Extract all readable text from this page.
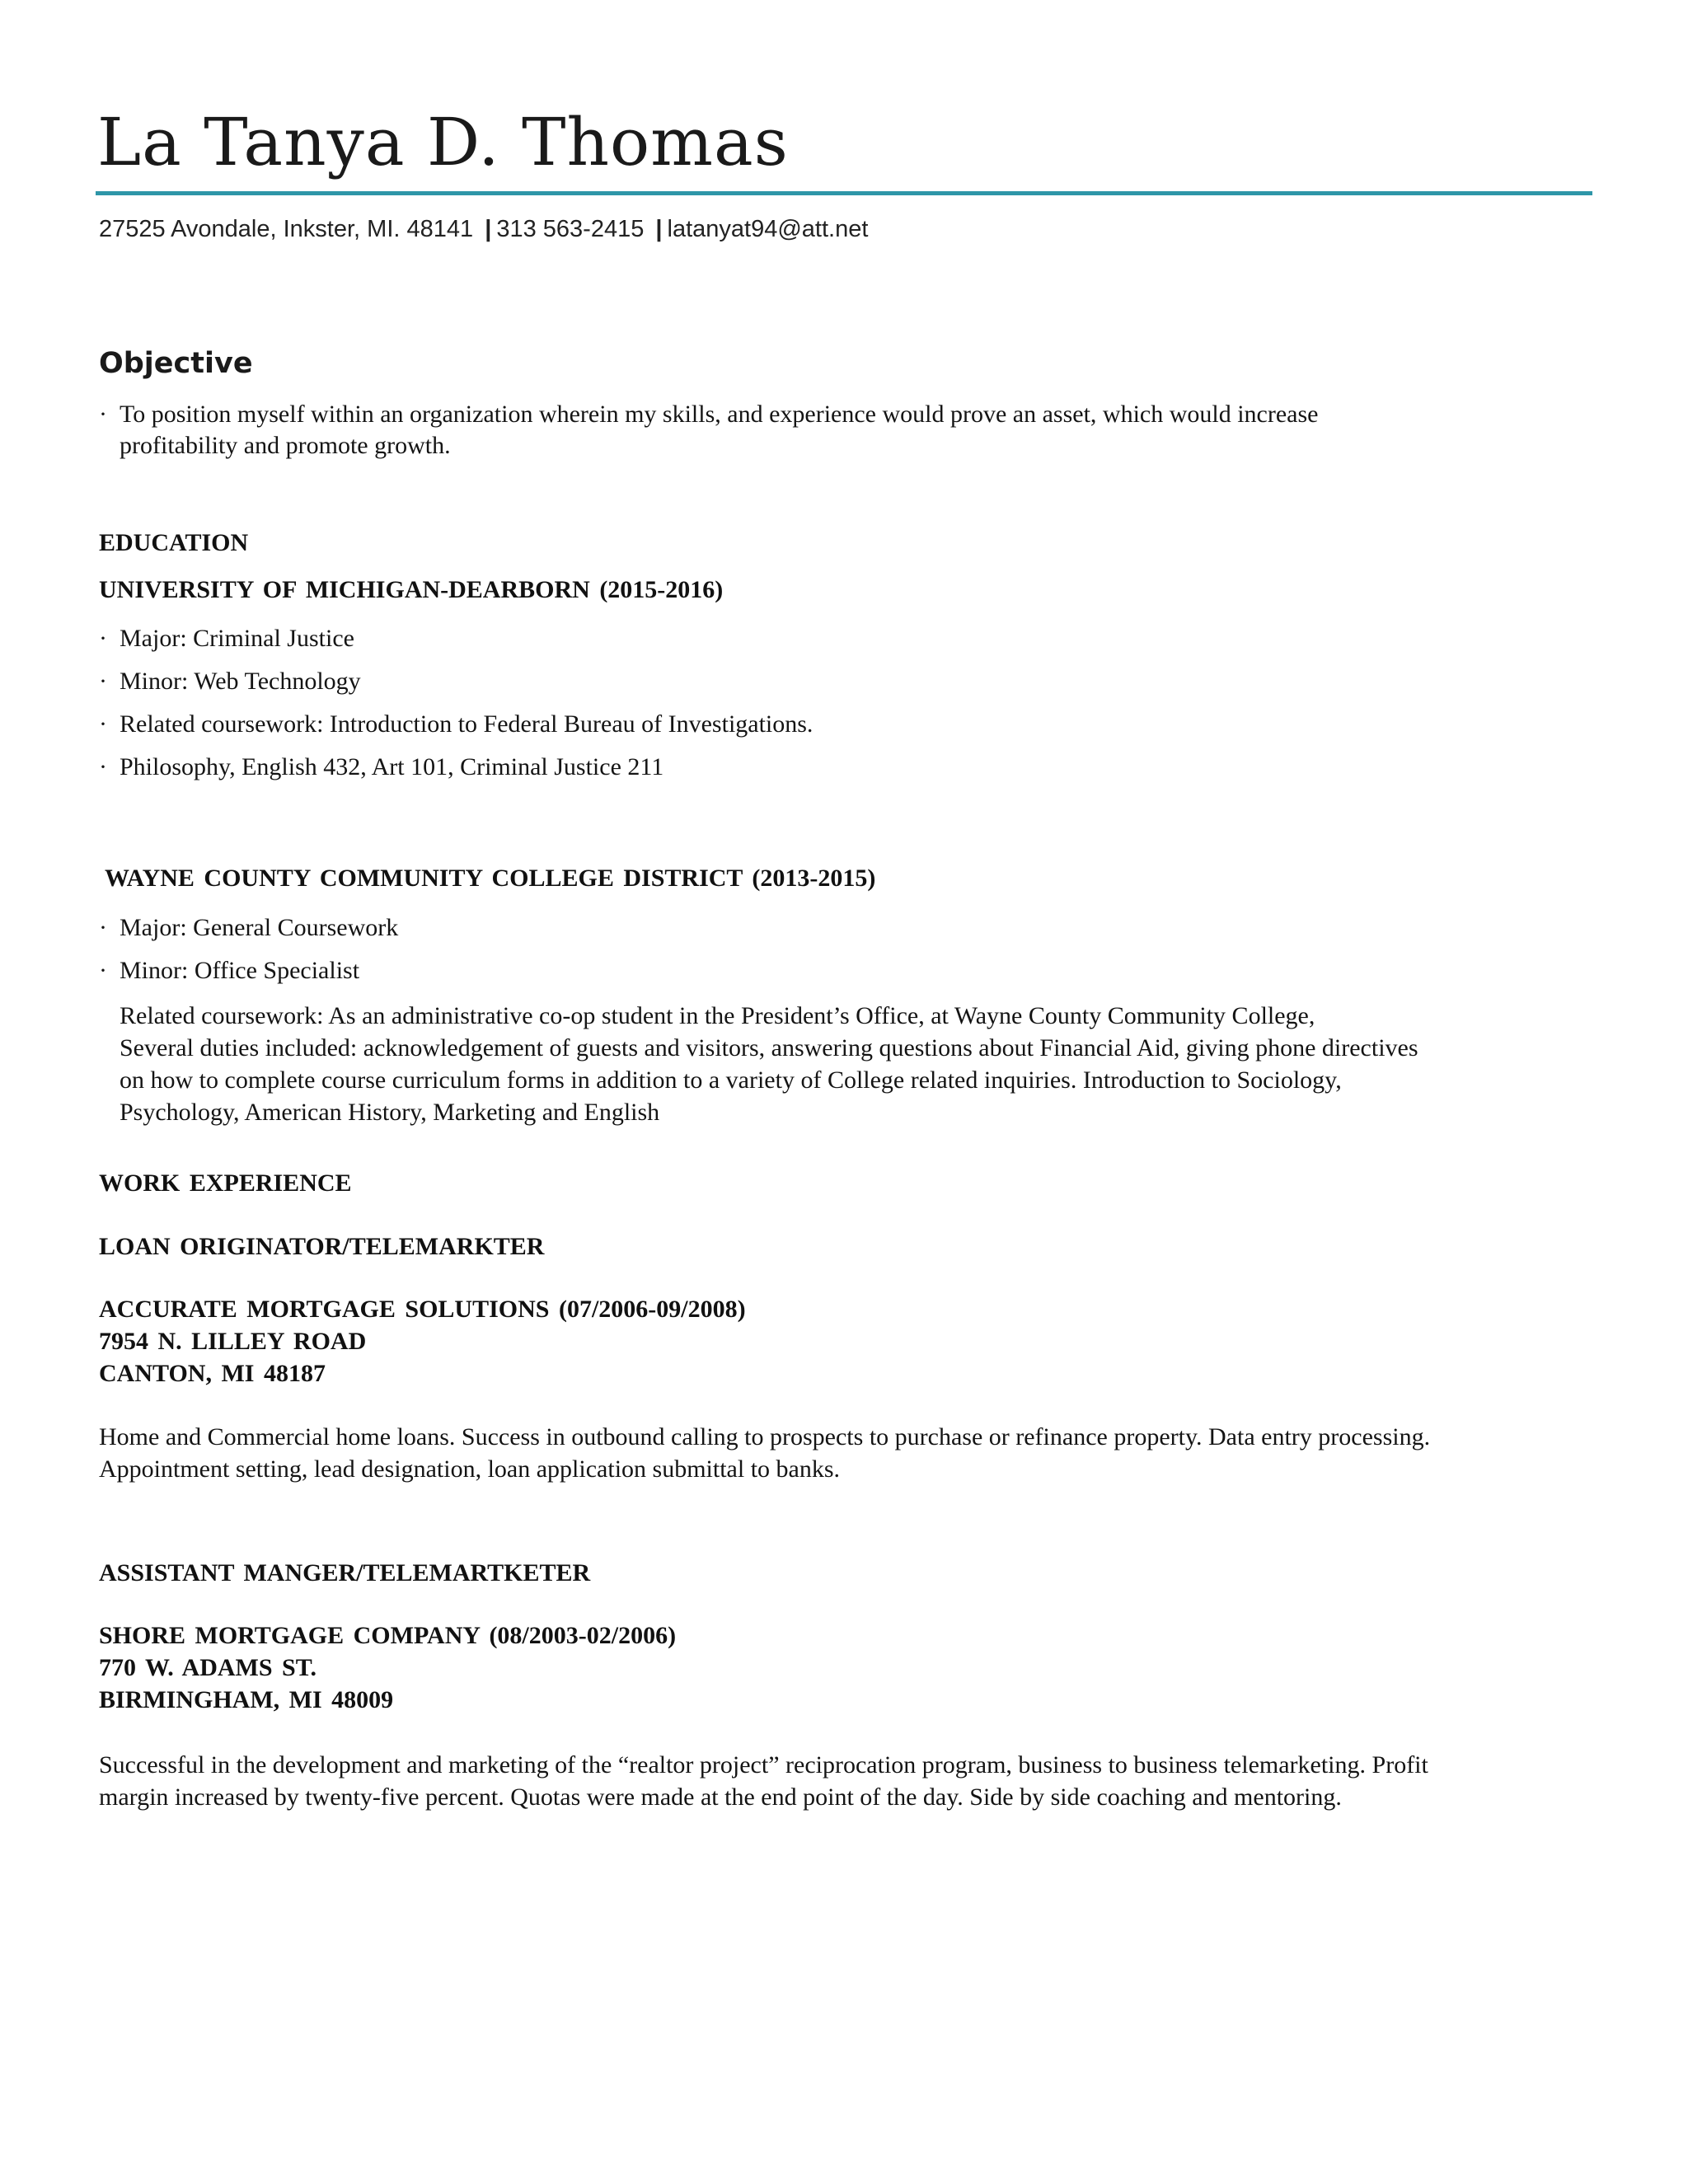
La Tanya D. Thomas
27525 Avondale, Inkster, MI. 48141 | 313 563-2415 | latanyat94@att.net
Objective
· To position myself within an organization wherein my skills, and experience would prove an asset, which would increase
profitability and promote growth.
EDUCATION
UNIVERSITY OF MICHIGAN-DEARBORN (2015-2016)
· Major: Criminal Justice
· Minor: Web Technology
· Related coursework: Introduction to Federal Bureau of Investigations.
· Philosophy, English 432, Art 101, Criminal Justice 211
WAYNE COUNTY COMMUNITY COLLEGE DISTRICT (2013-2015)
· Major: General Coursework
· Minor: Office Specialist
Related coursework: As an administrative co-op student in the President’s Office, at Wayne County Community College,
Several duties included: acknowledgement of guests and visitors, answering questions about Financial Aid, giving phone directives
on how to complete course curriculum forms in addition to a variety of College related inquiries. Introduction to Sociology,
Psychology, American History, Marketing and English
WORK EXPERIENCE
LOAN ORIGINATOR/TELEMARKTER
ACCURATE MORTGAGE SOLUTIONS (07/2006-09/2008)
7954 N. LILLEY ROAD
CANTON, MI 48187
Home and Commercial home loans. Success in outbound calling to prospects to purchase or refinance property. Data entry processing.
Appointment setting, lead designation, loan application submittal to banks.
ASSISTANT MANGER/TELEMARTKETER
SHORE MORTGAGE COMPANY (08/2003-02/2006)
770 W. ADAMS ST.
BIRMINGHAM, MI 48009
Successful in the development and marketing of the “realtor project” reciprocation program, business to business telemarketing. Profit
margin increased by twenty-five percent. Quotas were made at the end point of the day. Side by side coaching and mentoring.
